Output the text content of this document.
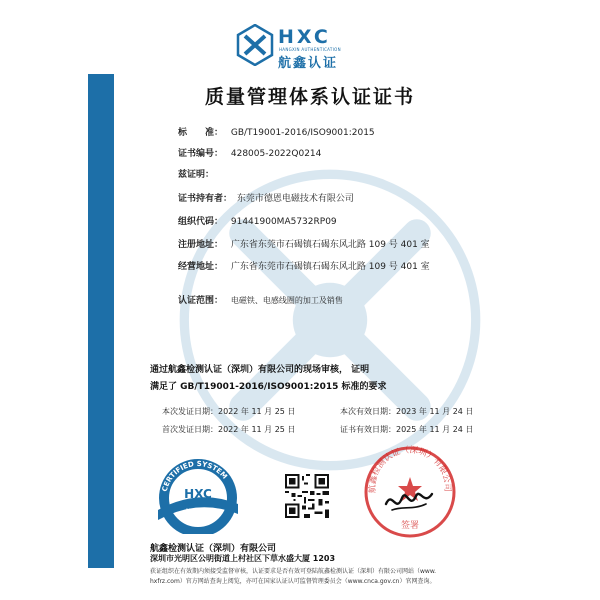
HXC
HANGXIN AUTHENTICATION
航鑫认证
质量管理体系认证证书
标　　准： GB/T19001-2016/ISO9001:2015
证书编号： 428005-2022Q0214
兹证明：
证书持有者： 东莞市德恩电磁技术有限公司
组织代码： 91441900MA5732RP09
注册地址： 广东省东莞市石碣镇石碣东风北路 109 号 401 室
经营地址： 广东省东莞市石碣镇石碣东风北路 109 号 401 室
认证范围： 电磁铁、电感线圈的加工及销售
通过航鑫检测认证（深圳）有限公司的现场审核， 证明
满足了 GB/T19001-2016/ISO9001:2015 标准的要求
本次发证日期：2022 年 11 月 25 日	本次有效日期：2023 年 11 月 24 日
首次发证日期：2022 年 11 月 25 日	证书有效日期：2025 年 11 月 24 日
CERTIFIED SYSTEM
HXC
ISO9001
航鑫检测认证（深圳）有限公司
签署
航鑫检测认证（深圳）有限公司
深圳市光明区公明街道上村社区下草水盛大厦 1203
获证组织在有效期内须接受监督审核，认证要求是否有效可登陆航鑫检测认证（深圳）有限公司网站（www.
hxfrz.com）官方网站查询上阅览，亦可在国家认证认可监督管理委员会（www.cnca.gov.cn）官网查询。
